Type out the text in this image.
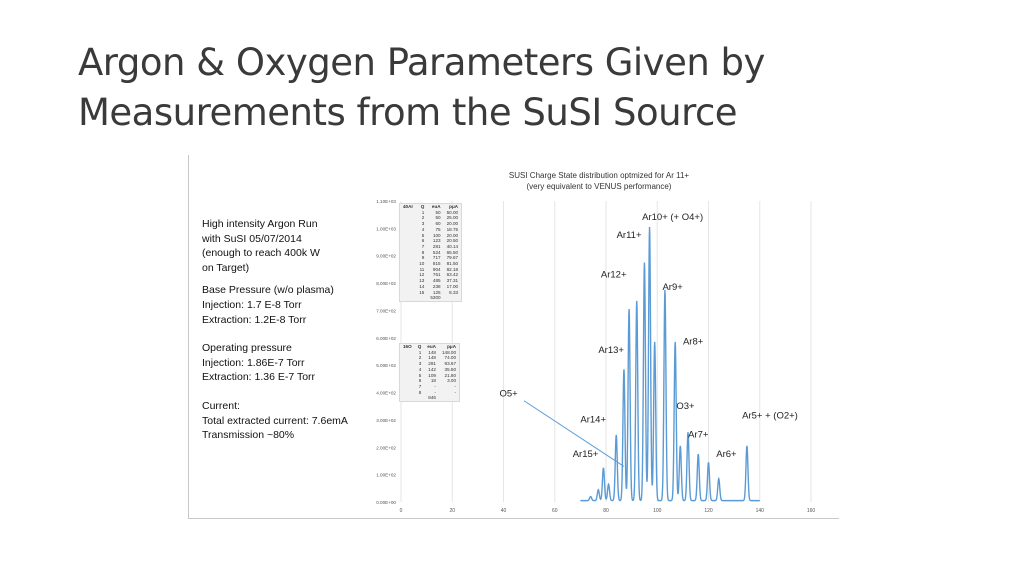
Argon & Oxygen Parameters Given by
Measurements from the SuSI Source
High intensity Argon Run
with SuSI 05/07/2014
(enough to reach 400k W
on Target)
Base Pressure (w/o plasma)
Injection: 1.7 E-8 Torr
Extraction: 1.2E-8 Torr
Operating pressure
Injection: 1.86E-7 Torr
Extraction: 1.36 E-7 Torr
Current:
Total extracted current: 7.6emA
Transmission ~80%
SUSI Charge State distribution optmized for Ar 11+
(very equivalent to VENUS performance)
0	20	40	60	80	100	120	140	160
0.00E+00
1.00E+02
2.00E+02
3.00E+02
4.00E+02
5.00E+02
6.00E+02
7.00E+02
8.00E+02
9.00E+02
1.00E+03
1.10E+03
Ar10+ (+ O4+)
Ar11+
Ar12+
Ar9+
Ar8+
Ar13+
O5+
O3+
Ar5+ + (O2+)
Ar14+
Ar7+
Ar15+	Ar6+
40Ar	Q	euA	pμA
	1	50	50.00
	2	50	25.00
	3	60	20.00
	4	75	18.75
	5	100	20.00
	6	123	20.50
	7	281	40.14
	8	524	65.50
	9	717	79.67
	10	815	81.50
	11	904	82.18
	12	761	63.42
	13	485	37.31
	14	238	17.00
	15	125	8.33
		5300	
16O	Q	euA	pμA
	1	148	148.00
	2	148	74.00
	3	281	93.67
	4	142	35.50
	5	109	21.80
	6	18	3.00
	7	-	-
	8	-	-
		846	
